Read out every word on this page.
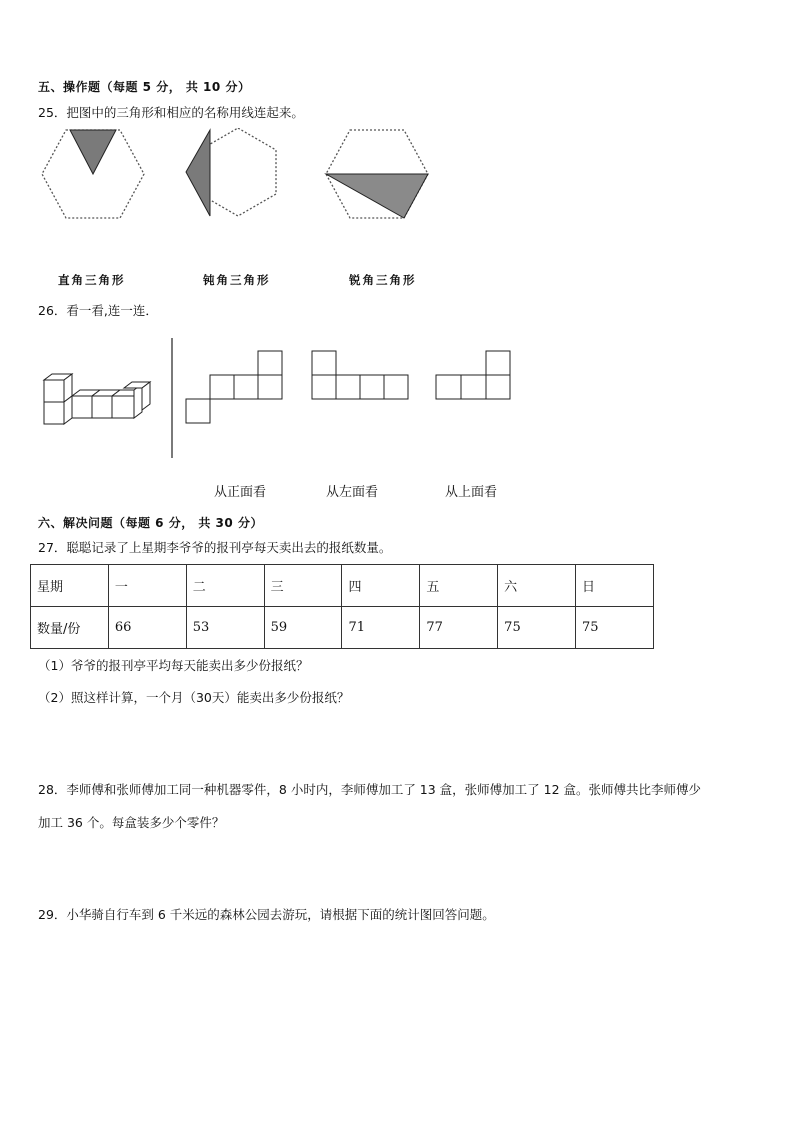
五、操作题（每题 5 分， 共 10 分）
25．把图中的三角形和相应的名称用线连起来。
直角三角形	钝角三角形	锐角三角形
26．看一看,连一连．
从正面看	从左面看	从上面看
六、解决问题（每题 6 分， 共 30 分）
27．聪聪记录了上星期李爷爷的报刊亭每天卖出去的报纸数量。
星期	一	二	三	四	五	六	日
数量/份	66	53	59	71	77	75	75
（1）爷爷的报刊亭平均每天能卖出多少份报纸？
（2）照这样计算，一个月（30天）能卖出多少份报纸？
28．李师傅和张师傅加工同一种机器零件，8 小时内，李师傅加工了 13 盒，张师傅加工了 12 盒。张师傅共比李师傅少
加工 36 个。每盒装多少个零件？
29．小华骑自行车到 6 千米远的森林公园去游玩，请根据下面的统计图回答问题。
